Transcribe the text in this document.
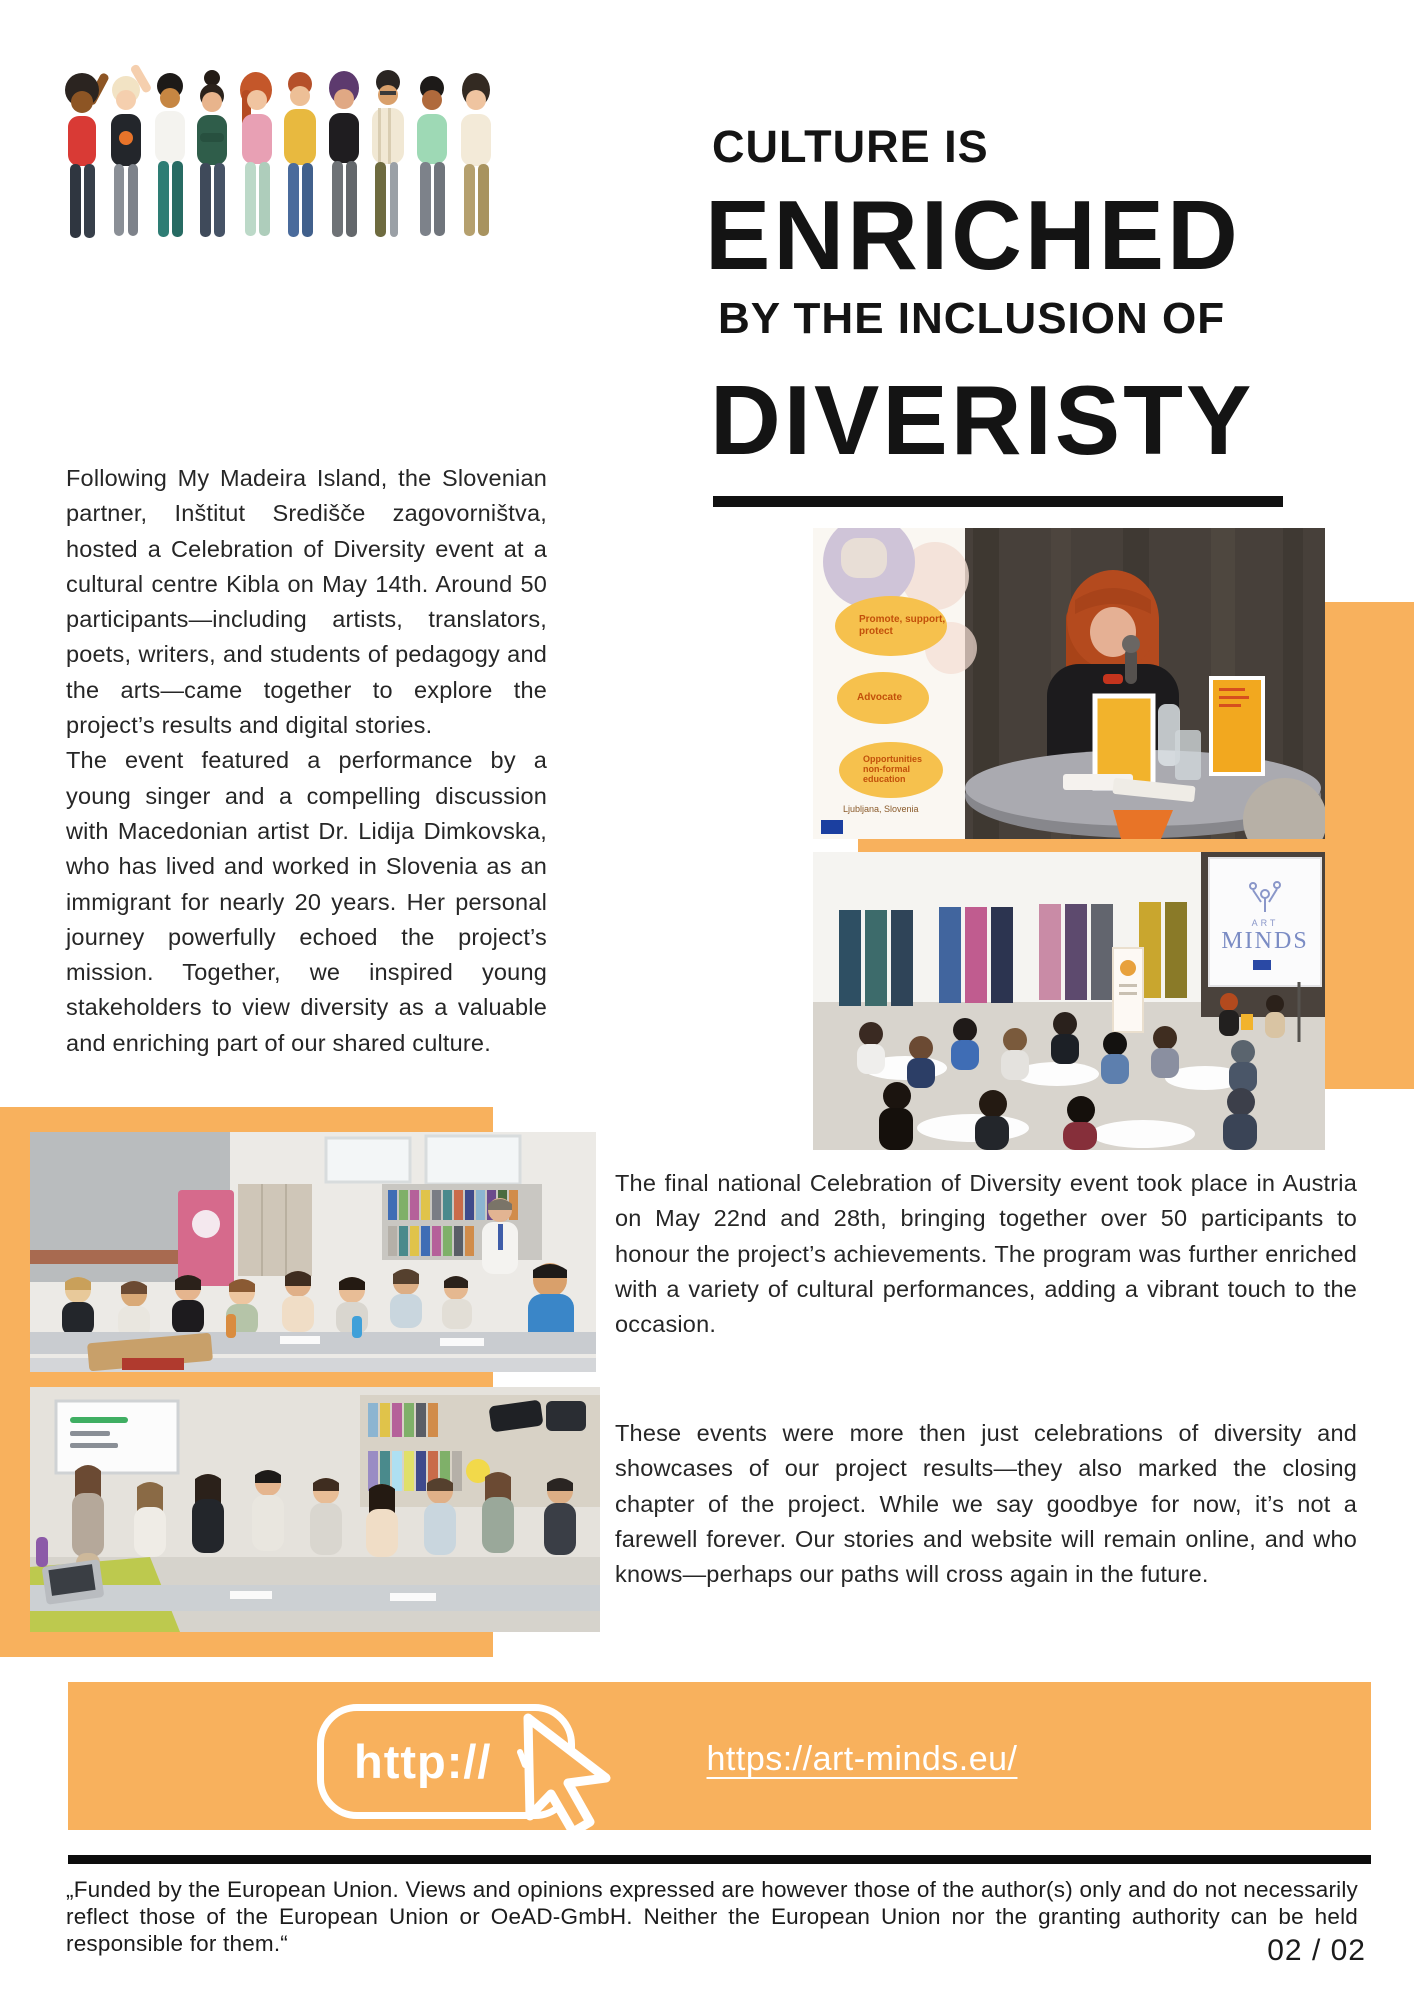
CULTURE IS
ENRICHED
BY THE INCLUSION OF
DIVERISTY
Following My Madeira Island, the Slovenian partner, Inštitut Središče zagovorništva, hosted a Celebration of Diversity event at a cultural centre Kibla on May 14th. Around 50 participants—including artists, translators, poets, writers, and students of pedagogy and the arts—came together to explore the project’s results and digital stories.
The event featured a performance by a young singer and a compelling discussion with Macedonian artist Dr. Lidija Dimkovska, who has lived and worked in Slovenia as an immigrant for nearly 20 years. Her personal journey powerfully echoed the project’s mission. Together, we inspired young stakeholders to view diversity as a valuable and enriching part of our shared culture.
Promote, support,
protect
Advocate
Opportunities
non-formal
education
Ljubljana, Slovenia
ART
MINDS
The final national Celebration of Diversity event took place in Austria on May 22nd and 28th, bringing together over 50 participants to honour the project’s achievements. The program was further enriched with a variety of cultural performances, adding a vibrant touch to the occasion.
These events were more then just celebrations of diversity and showcases of our project results—they also marked the closing chapter of the project. While we say goodbye for now, it’s not a farewell forever. Our stories and website will remain online, and who knows—perhaps our paths will cross again in the future.
http://	https://art-minds.eu/
„Funded by the European Union. Views and opinions expressed are however those of the author(s) only and do not necessarily reflect those of the European Union or OeAD-GmbH. Neither the European Union nor the granting authority can be held responsible for them.“	02 / 02
